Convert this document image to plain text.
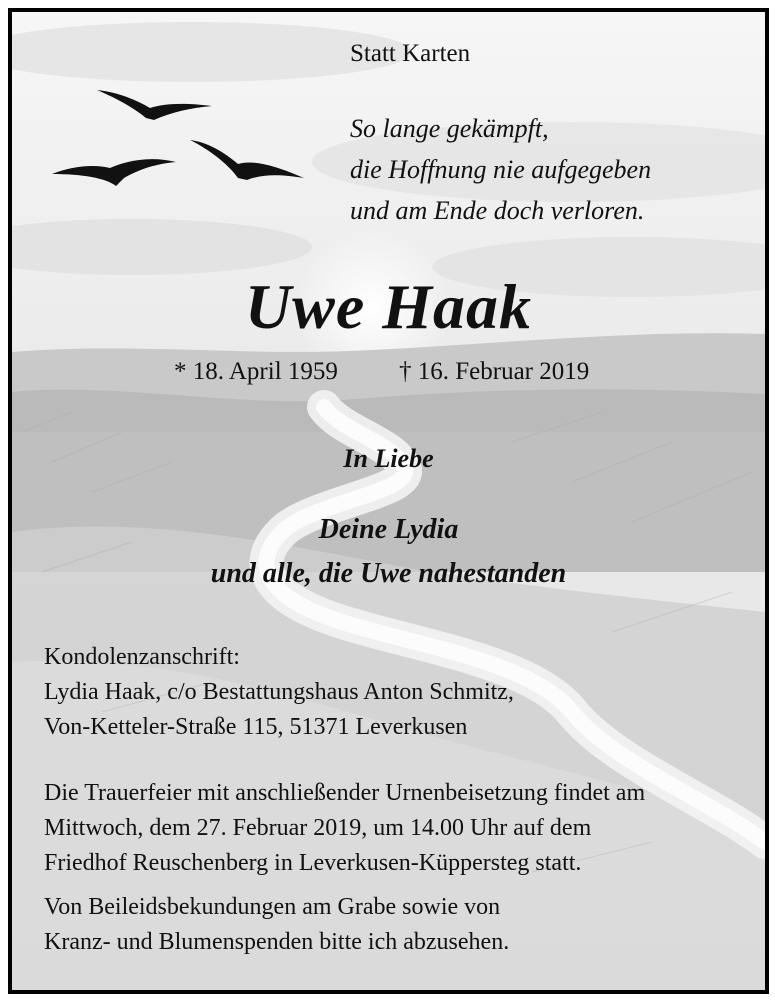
Statt Karten

So lange gekämpft,
die Hoffnung nie aufgegeben
und am Ende doch verloren.

Uwe Haak

* 18. April 1959 † 16. Februar 2019

In Liebe

Deine Lydia
und alle, die Uwe nahestanden

Kondolenzanschrift:
Lydia Haak, c/o Bestattungshaus Anton Schmitz,
Von-Ketteler-Straße 115, 51371 Leverkusen

Die Trauerfeier mit anschließender Urnenbeisetzung findet am
Mittwoch, dem 27. Februar 2019, um 14.00 Uhr auf dem
Friedhof Reuschenberg in Leverkusen-Küppersteg statt.

Von Beileidsbekundungen am Grabe sowie von
Kranz- und Blumenspenden bitte ich abzusehen.
